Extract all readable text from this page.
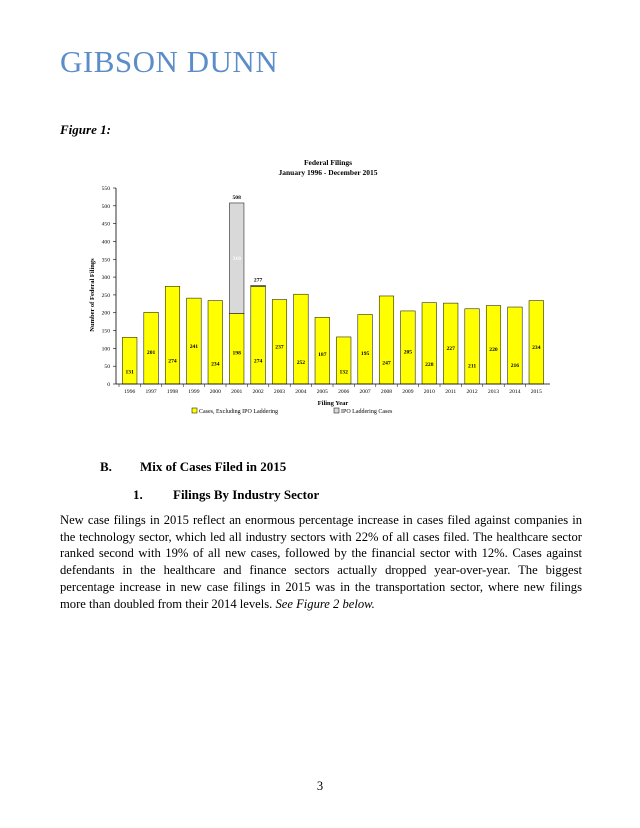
GIBSON DUNN
Figure 1:
Federal Filings
January 1996 - December 2015
Number of Federal Filings
0
50
100
150
200
250
300
350
400
450
500
550
131
201
274
241
234
310
198
508
274
277
237
252
187
132
195
247
205
228
227
211
220
216
234
1996 1997 1998 1999 2000 2001 2002 2003 2004 2005 2006 2007 2008 2009 2010 2011 2012 2013 2014 2015
Filing Year
Cases, Excluding IPO Laddering	IPO Laddering Cases
B. Mix of Cases Filed in 2015
1. Filings By Industry Sector

New case filings in 2015 reflect an enormous percentage increase in cases filed against companies in the technology sector, which led all industry sectors with 22% of all cases filed. The healthcare sector ranked second with 19% of all new cases, followed by the financial sector with 12%. Cases against defendants in the healthcare and finance sectors actually dropped year-over-year. The biggest percentage increase in new case filings in 2015 was in the transportation sector, where new filings more than doubled from their 2014 levels. See Figure 2 below.

3
